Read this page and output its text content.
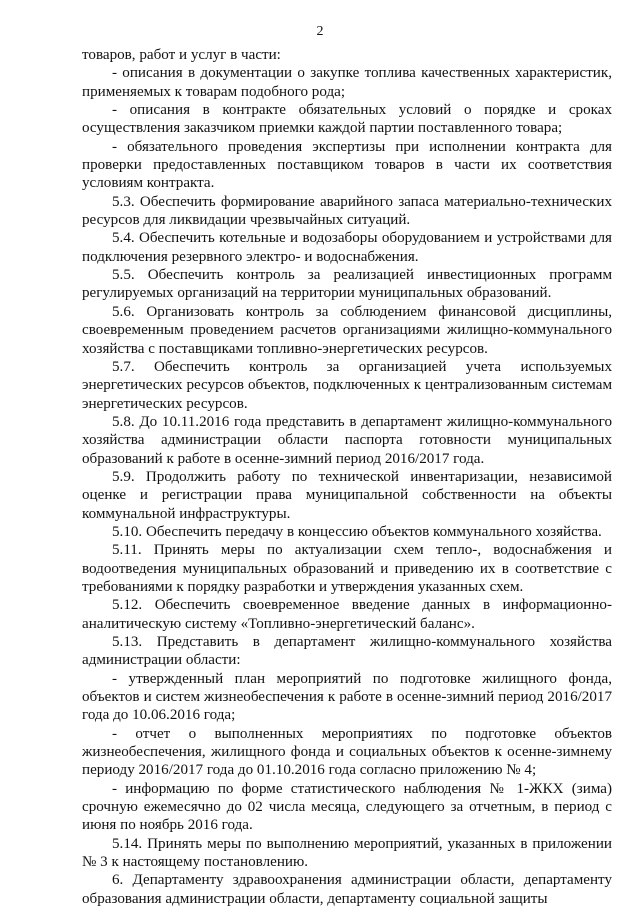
2

товаров, работ и услуг в части:

- описания в документации о закупке топлива качественных характеристик, применяемых к товарам подобного рода;

- описания в контракте обязательных условий о порядке и сроках осуществления заказчиком приемки каждой партии поставленного товара;

- обязательного проведения экспертизы при исполнении контракта для проверки предоставленных поставщиком товаров в части их соответствия условиям контракта.

5.3. Обеспечить формирование аварийного запаса материально-технических ресурсов для ликвидации чрезвычайных ситуаций.

5.4. Обеспечить котельные и водозаборы оборудованием и устройствами для подключения резервного электро- и водоснабжения.

5.5. Обеспечить контроль за реализацией инвестиционных программ регулируемых организаций на территории муниципальных образований.

5.6. Организовать контроль за соблюдением финансовой дисциплины, своевременным проведением расчетов организациями жилищно-коммунального хозяйства с поставщиками топливно-энергетических ресурсов.

5.7. Обеспечить контроль за организацией учета используемых энергетических ресурсов объектов, подключенных к централизованным системам энергетических ресурсов.

5.8. До 10.11.2016 года представить в департамент жилищно-коммунального хозяйства администрации области паспорта готовности муниципальных образований к работе в осенне-зимний период 2016/2017 года.

5.9. Продолжить работу по технической инвентаризации, независимой оценке и регистрации права муниципальной собственности на объекты коммунальной инфраструктуры.

5.10. Обеспечить передачу в концессию объектов коммунального хозяйства.

5.11. Принять меры по актуализации схем тепло-, водоснабжения и водоотведения муниципальных образований и приведению их в соответствие с требованиями к порядку разработки и утверждения указанных схем.

5.12. Обеспечить своевременное введение данных в информационно-аналитическую систему «Топливно-энергетический баланс».

5.13. Представить в департамент жилищно-коммунального хозяйства администрации области:

- утвержденный план мероприятий по подготовке жилищного фонда, объектов и систем жизнеобеспечения к работе в осенне-зимний период 2016/2017 года до 10.06.2016 года;

- отчет о выполненных мероприятиях по подготовке объектов жизнеобеспечения, жилищного фонда и социальных объектов к осенне-зимнему периоду 2016/2017 года до 01.10.2016 года согласно приложению № 4;

- информацию по форме статистического наблюдения № 1-ЖКХ (зима) срочную ежемесячно до 02 числа месяца, следующего за отчетным, в период с июня по ноябрь 2016 года.

5.14. Принять меры по выполнению мероприятий, указанных в приложении № 3 к настоящему постановлению.

6. Департаменту здравоохранения администрации области, департаменту образования администрации области, департаменту социальной защиты
